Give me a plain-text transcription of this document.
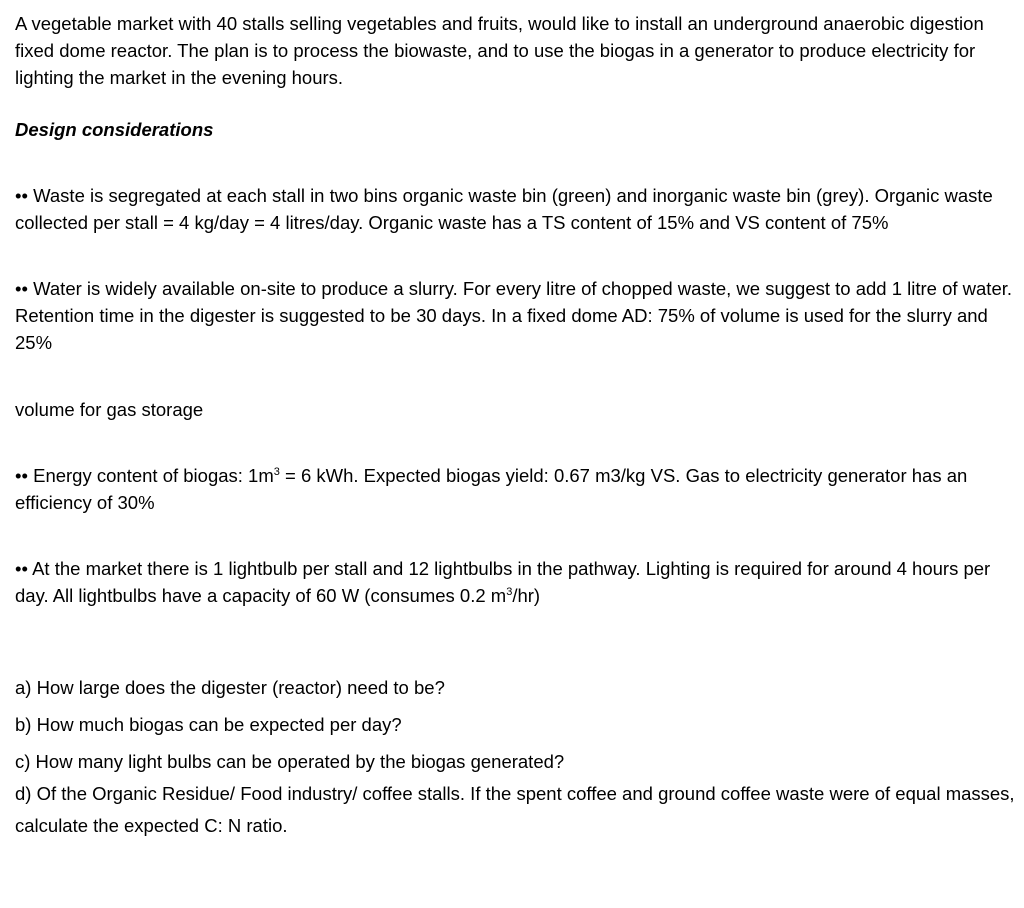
A vegetable market with 40 stalls selling vegetables and fruits, would like to install an underground anaerobic digestion fixed dome reactor. The plan is to process the biowaste, and to use the biogas in a generator to produce electricity for lighting the market in the evening hours.

Design considerations

•• Waste is segregated at each stall in two bins organic waste bin (green) and inorganic waste bin (grey). Organic waste collected per stall = 4 kg/day = 4 litres/day. Organic waste has a TS content of 15% and VS content of 75%

•• Water is widely available on-site to produce a slurry. For every litre of chopped waste, we suggest to add 1 litre of water. Retention time in the digester is suggested to be 30 days. In a fixed dome AD: 75% of volume is used for the slurry and 25%

volume for gas storage

•• Energy content of biogas: $1m^3 = 6$ kWh. Expected biogas yield: 0.67 m3/kg VS. Gas to electricity generator has an efficiency of 30%

•• At the market there is 1 lightbulb per stall and 12 lightbulbs in the pathway. Lighting is required for around 4 hours per day. All lightbulbs have a capacity of 60 W (consumes 0.2 $m^3/hr$)

a) How large does the digester (reactor) need to be?

b) How much biogas can be expected per day?

c) How many light bulbs can be operated by the biogas generated?

d) Of the Organic Residue/ Food industry/ coffee stalls. If the spent coffee and ground coffee waste were of equal masses, calculate the expected C: N ratio.
